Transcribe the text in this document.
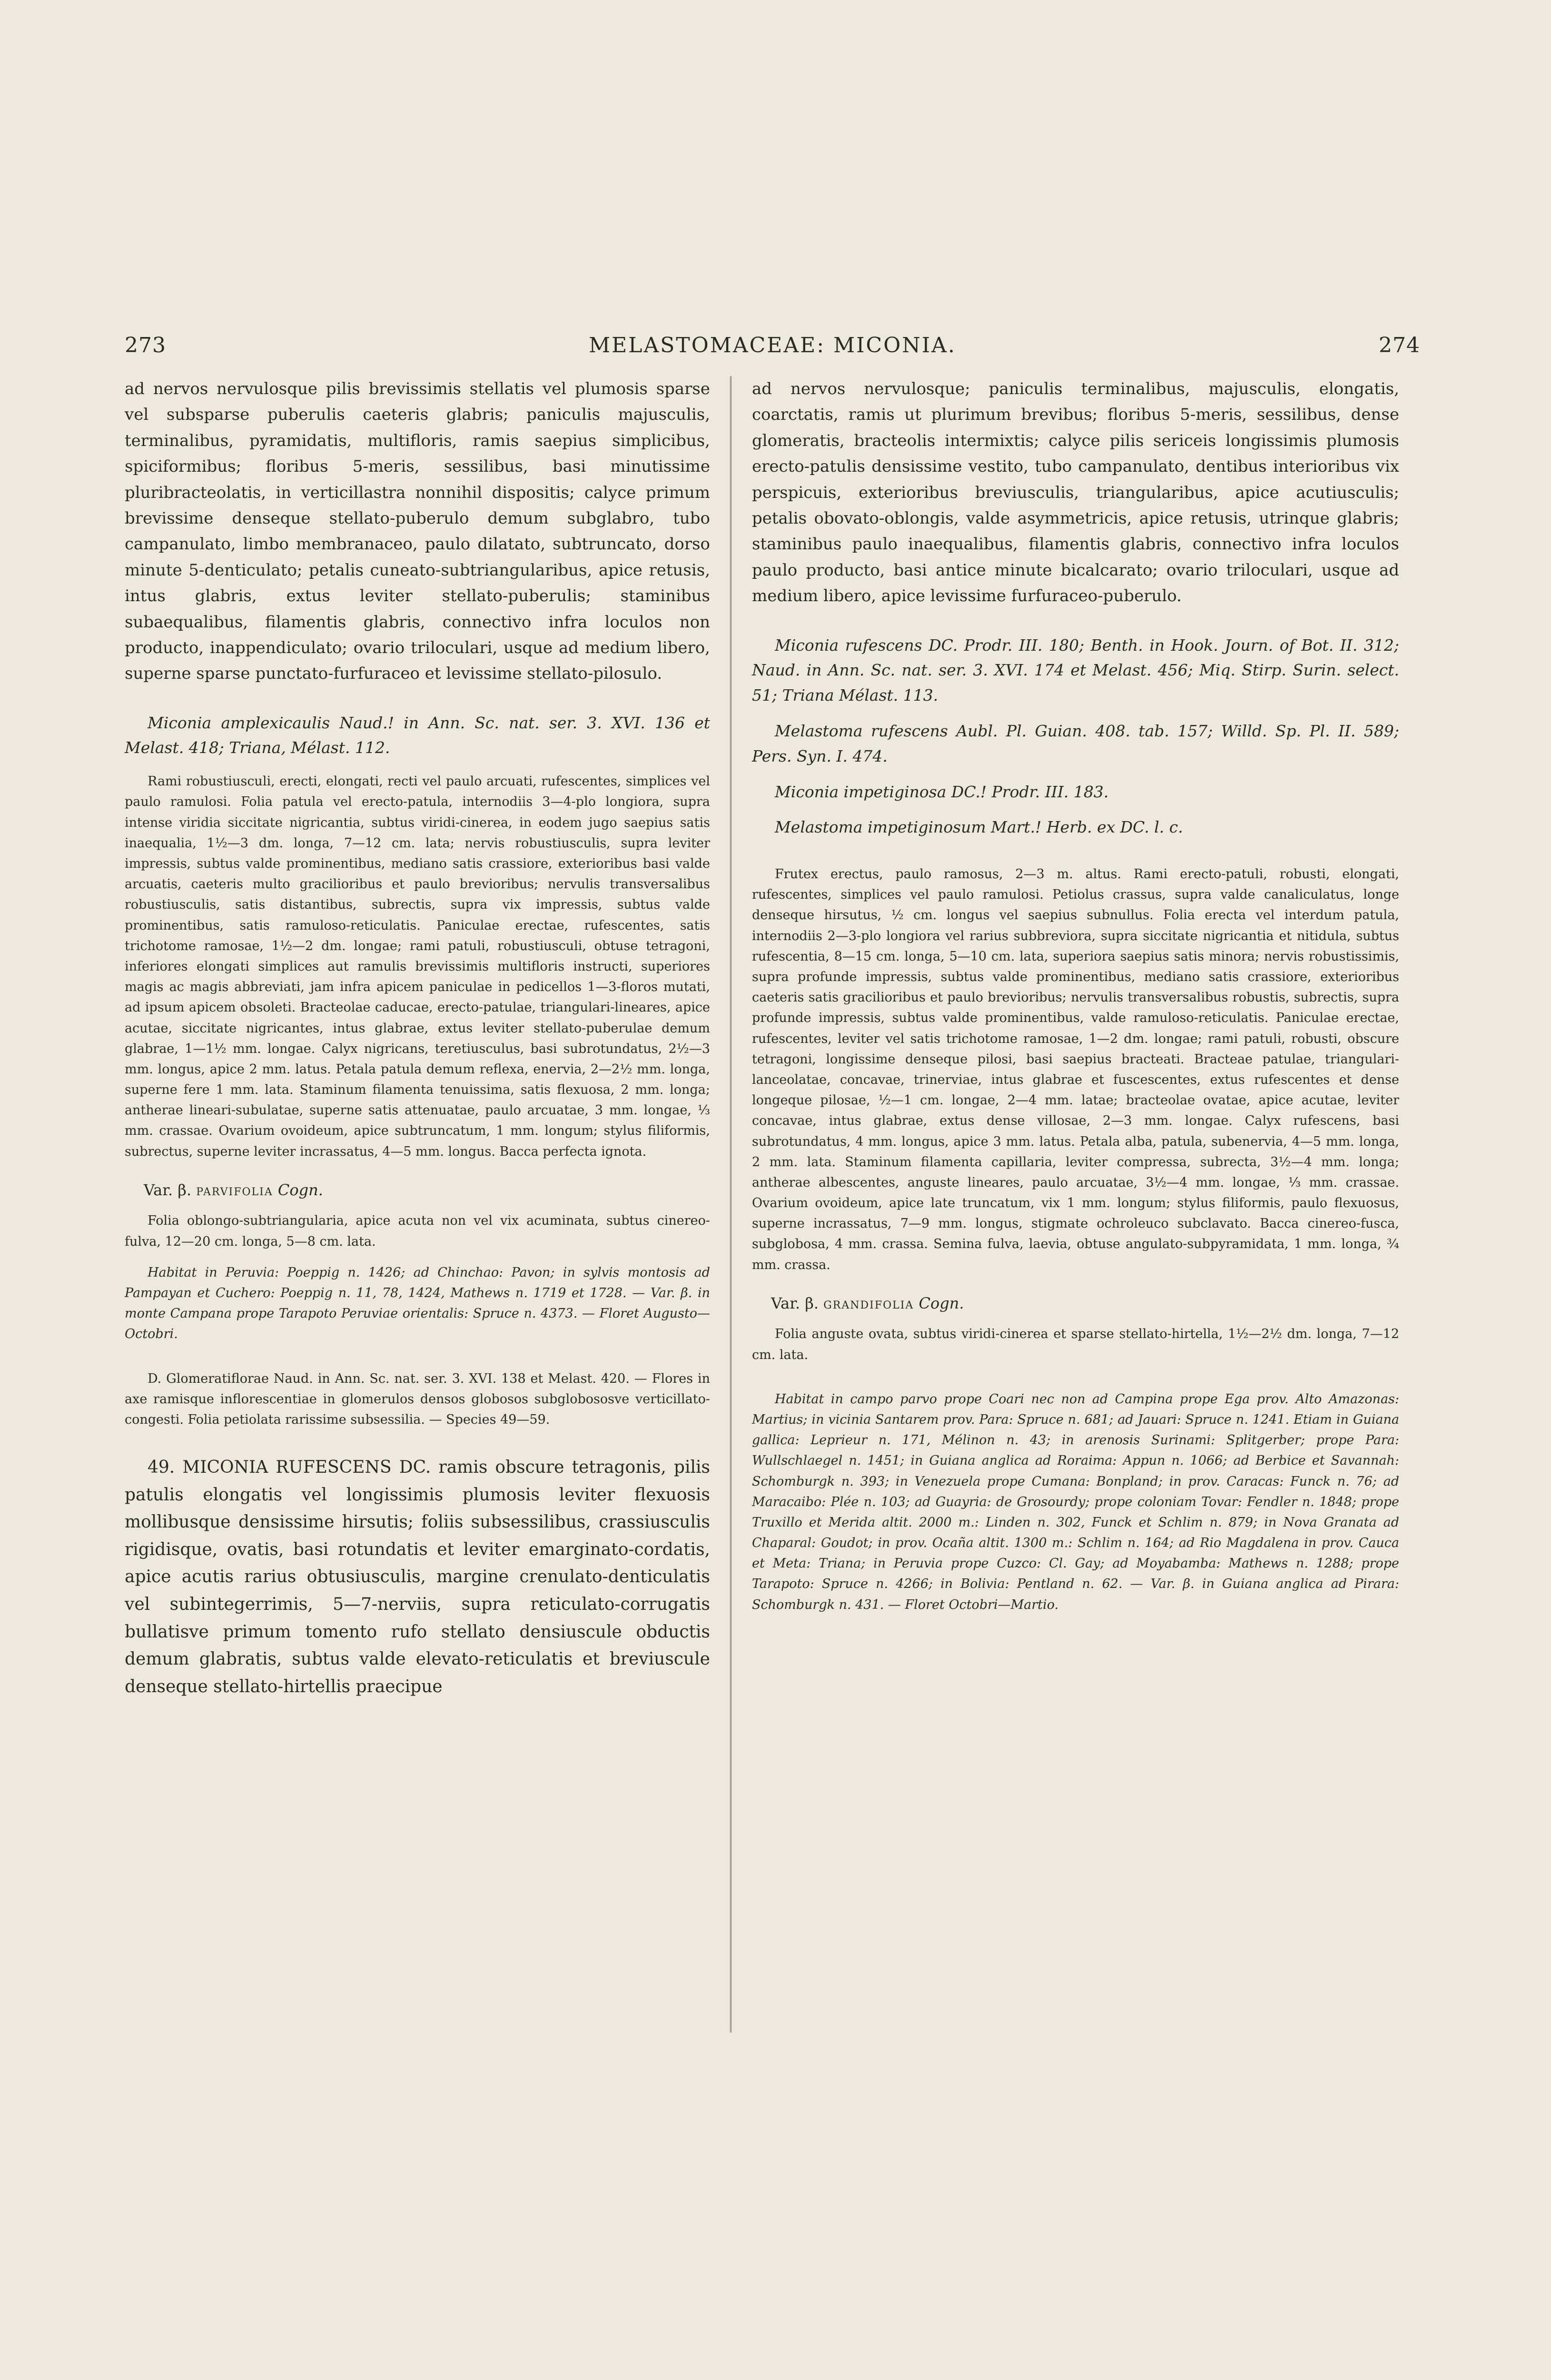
273	MELASTOMACEAE: MICONIA.	274

ad nervos nervulosque pilis brevissimis stellatis vel plumosis sparse vel subsparse puberulis caeteris glabris; paniculis majusculis, terminalibus, pyramidatis, multifloris, ramis saepius simplicibus, spiciformibus; floribus 5-meris, sessilibus, basi minutissime pluribracteolatis, in verticillastra nonnihil dispositis; calyce primum brevissime denseque stellato-puberulo demum subglabro, tubo campanulato, limbo membranaceo, paulo dilatato, subtruncato, dorso minute 5-denticulato; petalis cuneato-subtriangularibus, apice retusis, intus glabris, extus leviter stellato-puberulis; staminibus subaequalibus, filamentis glabris, connectivo infra loculos non producto, inappendiculato; ovario triloculari, usque ad medium libero, superne sparse punctato-furfuraceo et levissime stellato-pilosulo.

Miconia amplexicaulis Naud.! in Ann. Sc. nat. ser. 3. XVI. 136 et Melast. 418; Triana, Mélast. 112.

Rami robustiusculi, erecti, elongati, recti vel paulo arcuati, rufescentes, simplices vel paulo ramulosi. Folia patula vel erecto-patula, internodiis 3—4-plo longiora, supra intense viridia siccitate nigricantia, subtus viridi-cinerea, in eodem jugo saepius satis inaequalia, 1½—3 dm. longa, 7—12 cm. lata; nervis robustiusculis, supra leviter impressis, subtus valde prominentibus, mediano satis crassiore, exterioribus basi valde arcuatis, caeteris multo gracilioribus et paulo brevioribus; nervulis transversalibus robustiusculis, satis distantibus, subrectis, supra vix impressis, subtus valde prominentibus, satis ramuloso-reticulatis. Paniculae erectae, rufescentes, satis trichotome ramosae, 1½—2 dm. longae; rami patuli, robustiusculi, obtuse tetragoni, inferiores elongati simplices aut ramulis brevissimis multifloris instructi, superiores magis ac magis abbreviati, jam infra apicem paniculae in pedicellos 1—3-floros mutati, ad ipsum apicem obsoleti. Bracteolae caducae, erecto-patulae, triangulari-lineares, apice acutae, siccitate nigricantes, intus glabrae, extus leviter stellato-puberulae demum glabrae, 1—1½ mm. longae. Calyx nigricans, teretiusculus, basi subrotundatus, 2½—3 mm. longus, apice 2 mm. latus. Petala patula demum reflexa, enervia, 2—2½ mm. longa, superne fere 1 mm. lata. Staminum filamenta tenuissima, satis flexuosa, 2 mm. longa; antherae lineari-subulatae, superne satis attenuatae, paulo arcuatae, 3 mm. longae, ⅓ mm. crassae. Ovarium ovoideum, apice subtruncatum, 1 mm. longum; stylus filiformis, subrectus, superne leviter incrassatus, 4—5 mm. longus. Bacca perfecta ignota.

Var. β. parvifolia Cogn.

Folia oblongo-subtriangularia, apice acuta non vel vix acuminata, subtus cinereo-fulva, 12—20 cm. longa, 5—8 cm. lata.

Habitat in Peruvia: Poeppig n. 1426; ad Chinchao: Pavon; in sylvis montosis ad Pampayan et Cuchero: Poeppig n. 11, 78, 1424, Mathews n. 1719 et 1728. — Var. β. in monte Campana prope Tarapoto Peruviae orientalis: Spruce n. 4373. — Floret Augusto—Octobri.

D. Glomeratiflorae Naud. in Ann. Sc. nat. ser. 3. XVI. 138 et Melast. 420. — Flores in axe ramisque inflorescentiae in glomerulos densos globosos subglobososve verticillato-congesti. Folia petiolata rarissime subsessilia. — Species 49—59.

49. MICONIA RUFESCENS DC. ramis obscure tetragonis, pilis patulis elongatis vel longissimis plumosis leviter flexuosis mollibusque densissime hirsutis; foliis subsessilibus, crassiusculis rigidisque, ovatis, basi rotundatis et leviter emarginato-cordatis, apice acutis rarius obtusiusculis, margine crenulato-denticulatis vel subintegerrimis, 5—7-nerviis, supra reticulato-corrugatis bullatisve primum tomento rufo stellato densiuscule obductis demum glabratis, subtus valde elevato-reticulatis et breviuscule denseque stellato-hirtellis praecipue

ad nervos nervulosque; paniculis terminalibus, majusculis, elongatis, coarctatis, ramis ut plurimum brevibus; floribus 5-meris, sessilibus, dense glomeratis, bracteolis intermixtis; calyce pilis sericeis longissimis plumosis erecto-patulis densissime vestito, tubo campanulato, dentibus interioribus vix perspicuis, exterioribus breviusculis, triangularibus, apice acutiusculis; petalis obovato-oblongis, valde asymmetricis, apice retusis, utrinque glabris; staminibus paulo inaequalibus, filamentis glabris, connectivo infra loculos paulo producto, basi antice minute bicalcarato; ovario triloculari, usque ad medium libero, apice levissime furfuraceo-puberulo.

Miconia rufescens DC. Prodr. III. 180; Benth. in Hook. Journ. of Bot. II. 312; Naud. in Ann. Sc. nat. ser. 3. XVI. 174 et Melast. 456; Miq. Stirp. Surin. select. 51; Triana Mélast. 113.

Melastoma rufescens Aubl. Pl. Guian. 408. tab. 157; Willd. Sp. Pl. II. 589; Pers. Syn. I. 474.

Miconia impetiginosa DC.! Prodr. III. 183.

Melastoma impetiginosum Mart.! Herb. ex DC. l. c.

Frutex erectus, paulo ramosus, 2—3 m. altus. Rami erecto-patuli, robusti, elongati, rufescentes, simplices vel paulo ramulosi. Petiolus crassus, supra valde canaliculatus, longe denseque hirsutus, ½ cm. longus vel saepius subnullus. Folia erecta vel interdum patula, internodiis 2—3-plo longiora vel rarius subbreviora, supra siccitate nigricantia et nitidula, subtus rufescentia, 8—15 cm. longa, 5—10 cm. lata, superiora saepius satis minora; nervis robustissimis, supra profunde impressis, subtus valde prominentibus, mediano satis crassiore, exterioribus caeteris satis gracilioribus et paulo brevioribus; nervulis transversalibus robustis, subrectis, supra profunde impressis, subtus valde prominentibus, valde ramuloso-reticulatis. Paniculae erectae, rufescentes, leviter vel satis trichotome ramosae, 1—2 dm. longae; rami patuli, robusti, obscure tetragoni, longissime denseque pilosi, basi saepius bracteati. Bracteae patulae, triangulari-lanceolatae, concavae, trinerviae, intus glabrae et fuscescentes, extus rufescentes et dense longeque pilosae, ½—1 cm. longae, 2—4 mm. latae; bracteolae ovatae, apice acutae, leviter concavae, intus glabrae, extus dense villosae, 2—3 mm. longae. Calyx rufescens, basi subrotundatus, 4 mm. longus, apice 3 mm. latus. Petala alba, patula, subenervia, 4—5 mm. longa, 2 mm. lata. Staminum filamenta capillaria, leviter compressa, subrecta, 3½—4 mm. longa; antherae albescentes, anguste lineares, paulo arcuatae, 3½—4 mm. longae, ⅓ mm. crassae. Ovarium ovoideum, apice late truncatum, vix 1 mm. longum; stylus filiformis, paulo flexuosus, superne incrassatus, 7—9 mm. longus, stigmate ochroleuco subclavato. Bacca cinereo-fusca, subglobosa, 4 mm. crassa. Semina fulva, laevia, obtuse angulato-subpyramidata, 1 mm. longa, ¾ mm. crassa.

Var. β. grandifolia Cogn.

Folia anguste ovata, subtus viridi-cinerea et sparse stellato-hirtella, 1½—2½ dm. longa, 7—12 cm. lata.

Habitat in campo parvo prope Coari nec non ad Campina prope Ega prov. Alto Amazonas: Martius; in vicinia Santarem prov. Para: Spruce n. 681; ad Jauari: Spruce n. 1241. Etiam in Guiana gallica: Leprieur n. 171, Mélinon n. 43; in arenosis Surinami: Splitgerber; prope Para: Wullschlaegel n. 1451; in Guiana anglica ad Roraima: Appun n. 1066; ad Berbice et Savannah: Schomburgk n. 393; in Venezuela prope Cumana: Bonpland; in prov. Caracas: Funck n. 76; ad Maracaibo: Plée n. 103; ad Guayria: de Grosourdy; prope coloniam Tovar: Fendler n. 1848; prope Truxillo et Merida altit. 2000 m.: Linden n. 302, Funck et Schlim n. 879; in Nova Granata ad Chaparal: Goudot; in prov. Ocaña altit. 1300 m.: Schlim n. 164; ad Rio Magdalena in prov. Cauca et Meta: Triana; in Peruvia prope Cuzco: Cl. Gay; ad Moyabamba: Mathews n. 1288; prope Tarapoto: Spruce n. 4266; in Bolivia: Pentland n. 62. — Var. β. in Guiana anglica ad Pirara: Schomburgk n. 431. — Floret Octobri—Martio.
